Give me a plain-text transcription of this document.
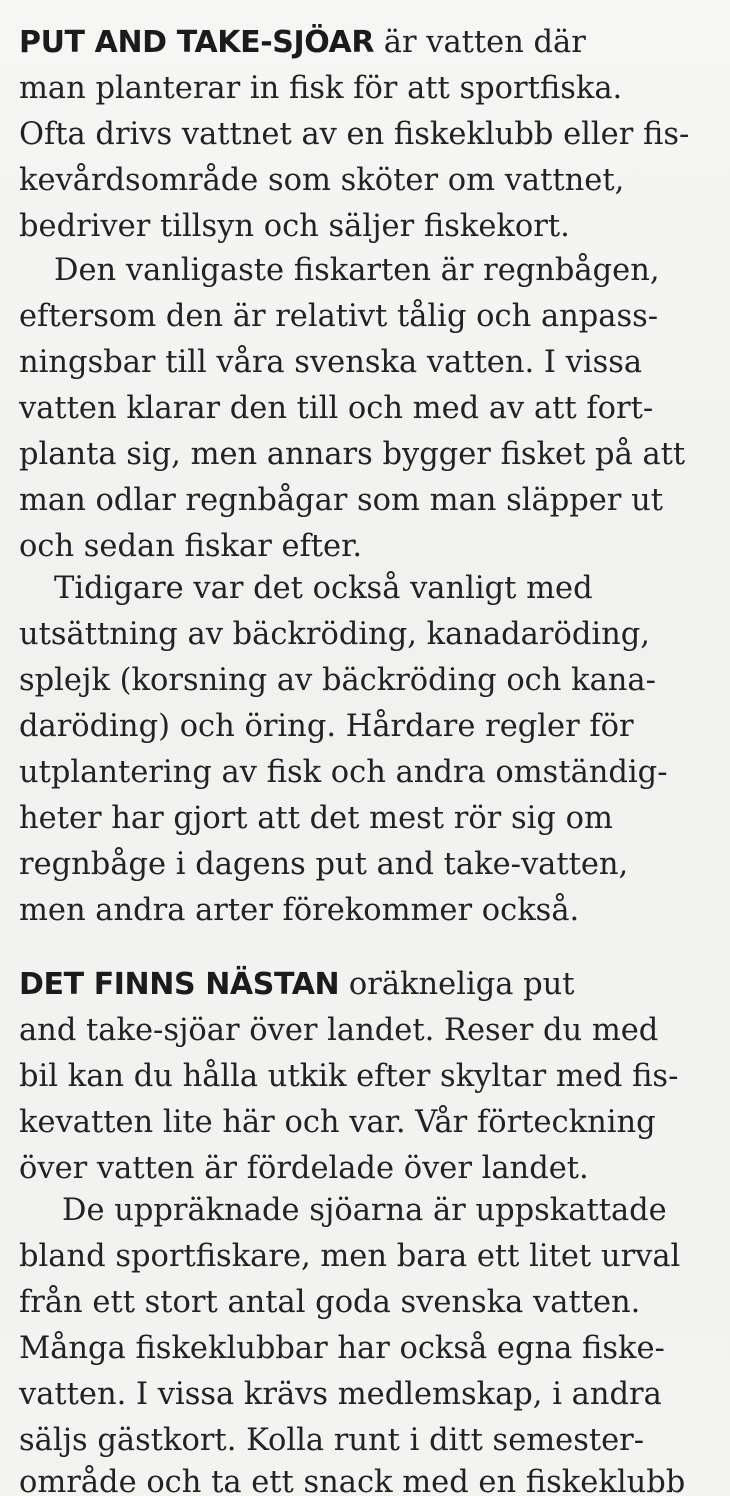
PUT AND TAKE-SJÖAR är vatten där
man planterar in fisk för att sportfiska.
Ofta drivs vattnet av en fiskeklubb eller fis-
kevårdsområde som sköter om vattnet,
bedriver tillsyn och säljer fiskekort.
Den vanligaste fiskarten är regnbågen,
eftersom den är relativt tålig och anpass-
ningsbar till våra svenska vatten. I vissa
vatten klarar den till och med av att fort-
planta sig, men annars bygger fisket på att
man odlar regnbågar som man släpper ut
och sedan fiskar efter.
Tidigare var det också vanligt med
utsättning av bäckröding, kanadaröding,
splejk (korsning av bäckröding och kana-
daröding) och öring. Hårdare regler för
utplantering av fisk och andra omständig-
heter har gjort att det mest rör sig om
regnbåge i dagens put and take-vatten,
men andra arter förekommer också.
DET FINNS NÄSTAN oräkneliga put
and take-sjöar över landet. Reser du med
bil kan du hålla utkik efter skyltar med fis-
kevatten lite här och var. Vår förteckning
över vatten är fördelade över landet.
De uppräknade sjöarna är uppskattade
bland sportfiskare, men bara ett litet urval
från ett stort antal goda svenska vatten.
Många fiskeklubbar har också egna fiske-
vatten. I vissa krävs medlemskap, i andra
säljs gästkort. Kolla runt i ditt semester-
område och ta ett snack med en fiskeklubb
